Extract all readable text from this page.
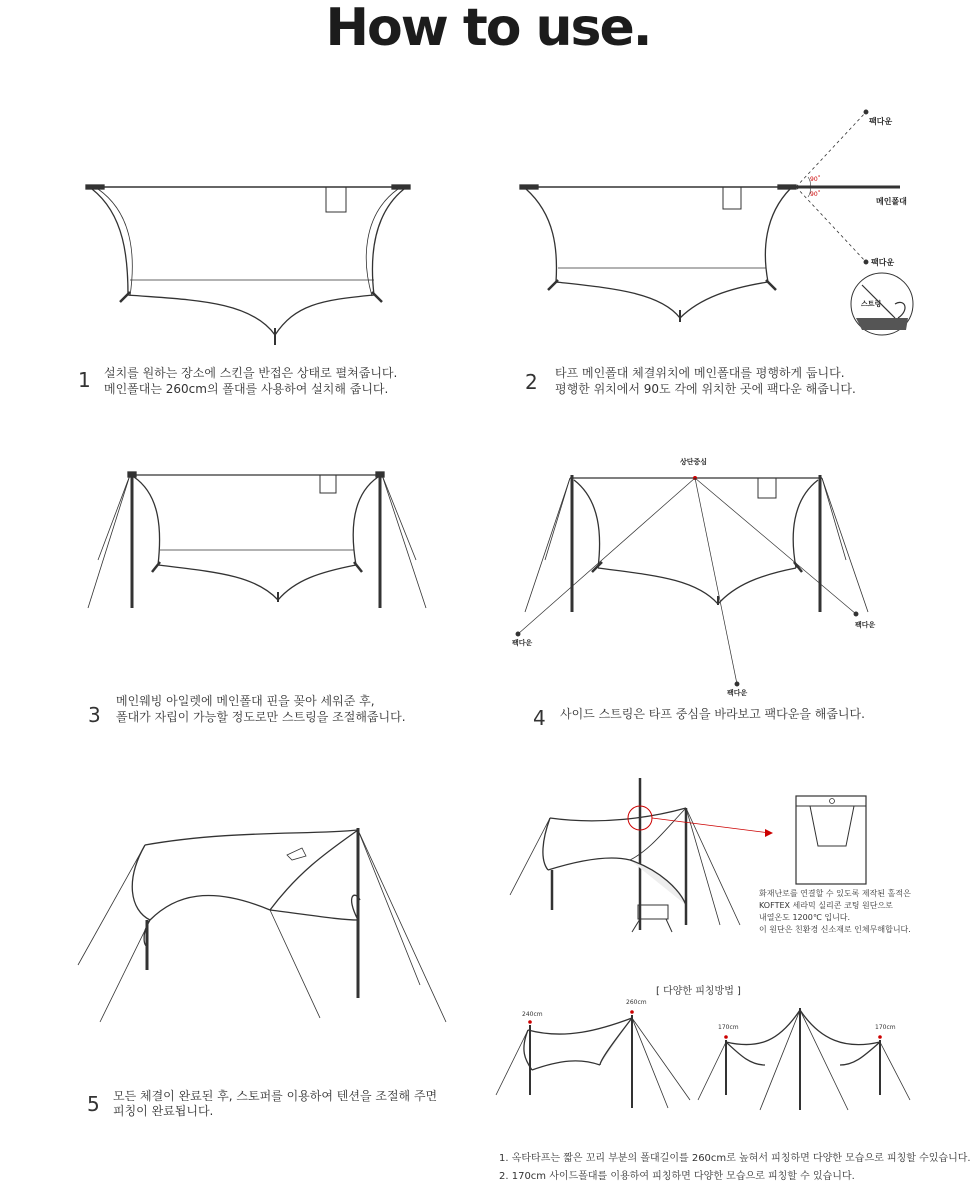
How to use.
1 설치를 원하는 장소에 스킨을 반접은 상태로 펼쳐줍니다.
메인폴대는 260cm의 폴대를 사용하여 설치해 줍니다.	2 타프 메인폴대 체결위치에 메인폴대를 평행하게 둡니다.
평행한 위치에서 90도 각에 위치한 곳에 팩다운 해줍니다.
3
메인웨빙 아일렛에 메인폴대 핀을 꽂아 세워준 후,
폴대가 자립이 가능할 정도로만 스트링을 조절해줍니다.	4 사이드 스트링은 타프 중심을 바라보고 팩다운을 해줍니다.
5 모든 체결이 완료된 후, 스토퍼를 이용하여 텐션을 조절해 주면
피칭이 완료됩니다.
팩다운
메인폴대
팩다운
스트링
90˚
90˚
상단중심
팩다운
팩다운
팩다운
화재난로를 연결할 수 있도록 제작된 홀적은
KOFTEX 세라믹 실리콘 코팅 원단으로
내열온도 1200℃ 입니다.
이 원단은 친환경 신소재로 인체무해합니다.
[ 다양한 피칭방법 ]
240cm
260cm
170cm	170cm
1. 옥타타프는 짧은 꼬리 부분의 폴대길이를 260cm로 높혀서 피칭하면 다양한 모습으로 피칭할 수있습니다.
2. 170cm 사이드폴대를 이용하여 피칭하면 다양한 모습으로 피칭할 수 있습니다.
